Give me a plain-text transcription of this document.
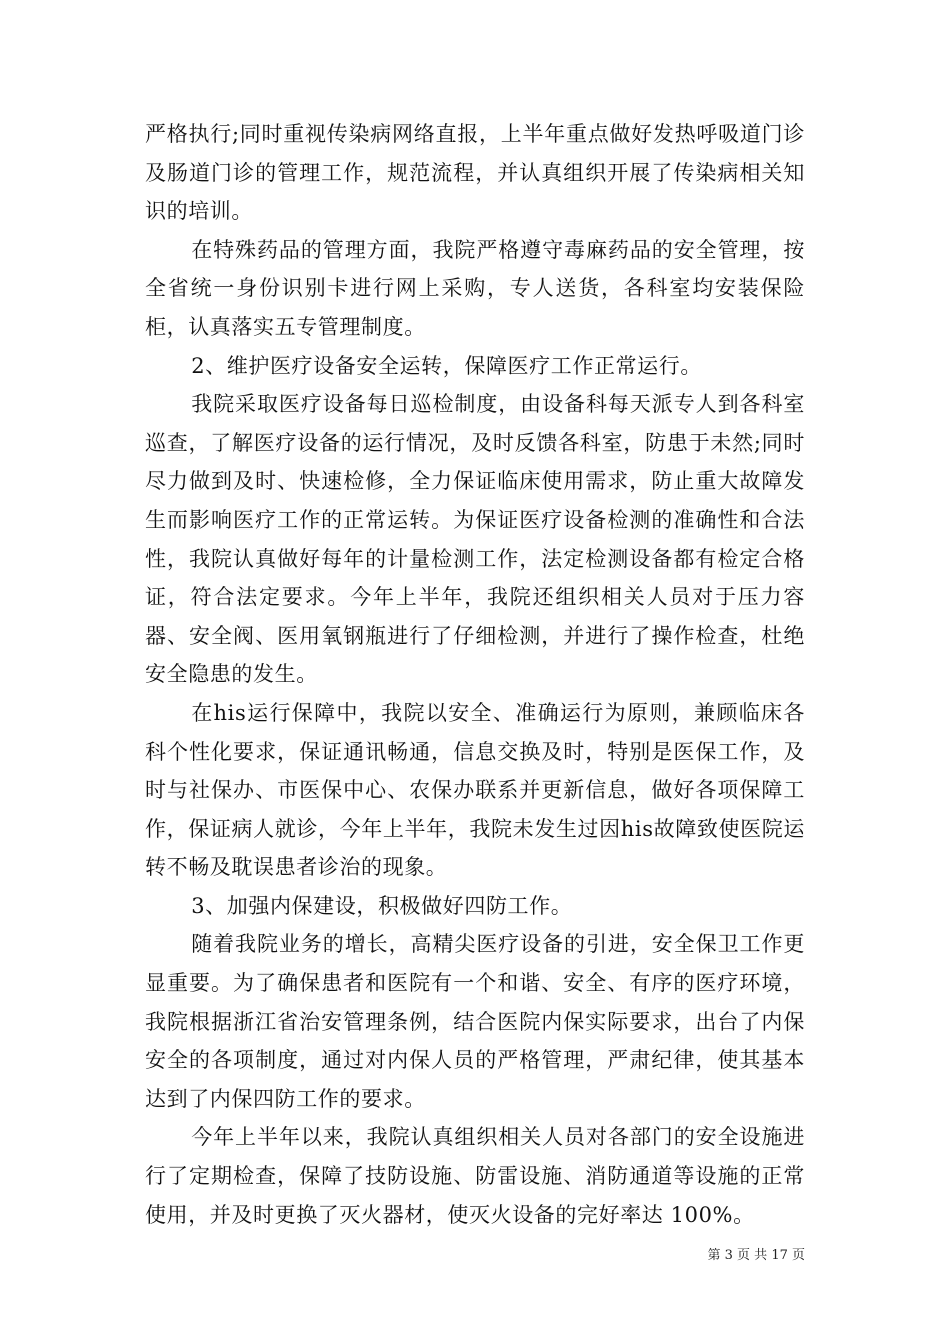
严格执行;同时重视传染病网络直报，上半年重点做好发热呼吸道门诊及肠道门诊的管理工作，规范流程，并认真组织开展了传染病相关知识的培训。

在特殊药品的管理方面，我院严格遵守毒麻药品的安全管理，按全省统一身份识别卡进行网上采购，专人送货，各科室均安装保险柜，认真落实五专管理制度。

2、维护医疗设备安全运转，保障医疗工作正常运行。

我院采取医疗设备每日巡检制度，由设备科每天派专人到各科室巡查，了解医疗设备的运行情况，及时反馈各科室，防患于未然;同时尽力做到及时、快速检修，全力保证临床使用需求，防止重大故障发生而影响医疗工作的正常运转。为保证医疗设备检测的准确性和合法性，我院认真做好每年的计量检测工作，法定检测设备都有检定合格证，符合法定要求。今年上半年，我院还组织相关人员对于压力容器、安全阀、医用氧钢瓶进行了仔细检测，并进行了操作检查，杜绝安全隐患的发生。

在his运行保障中，我院以安全、准确运行为原则，兼顾临床各科个性化要求，保证通讯畅通，信息交换及时，特别是医保工作，及时与社保办、市医保中心、农保办联系并更新信息，做好各项保障工作，保证病人就诊，今年上半年，我院未发生过因his故障致使医院运转不畅及耽误患者诊治的现象。

3、加强内保建设，积极做好四防工作。

随着我院业务的增长，高精尖医疗设备的引进，安全保卫工作更显重要。为了确保患者和医院有一个和谐、安全、有序的医疗环境，我院根据浙江省治安管理条例，结合医院内保实际要求，出台了内保安全的各项制度，通过对内保人员的严格管理，严肃纪律，使其基本达到了内保四防工作的要求。

今年上半年以来，我院认真组织相关人员对各部门的安全设施进行了定期检查，保障了技防设施、防雷设施、消防通道等设施的正常使用，并及时更换了灭火器材，使灭火设备的完好率达 100%。

第 3 页 共 17 页
